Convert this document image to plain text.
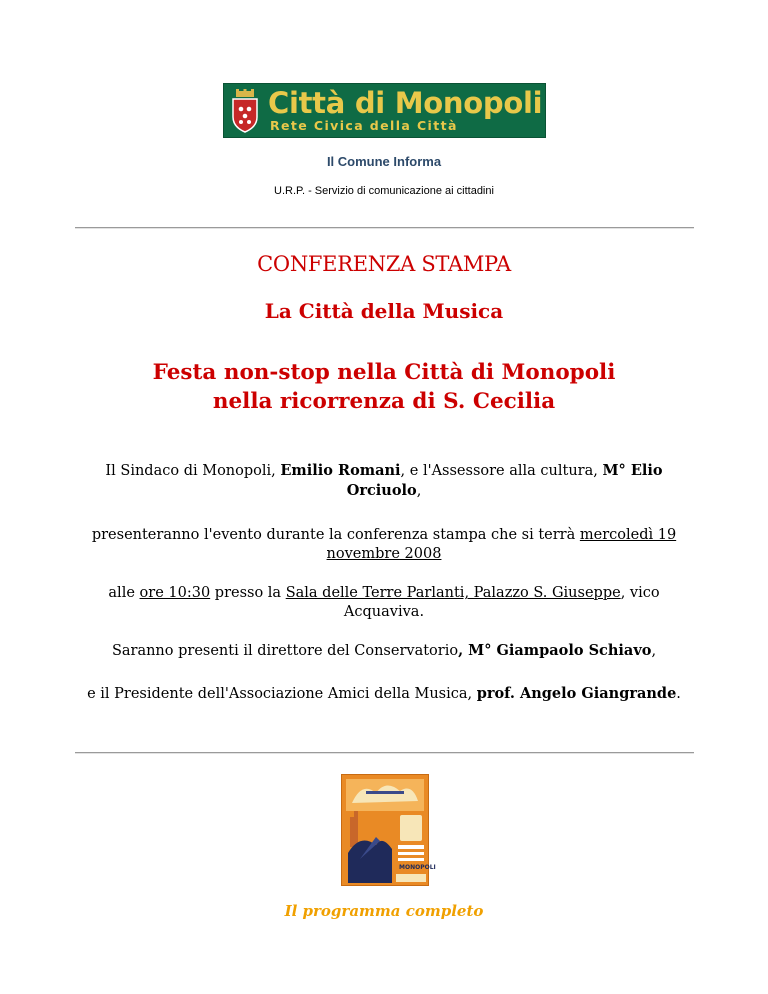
Città di Monopoli
Rete Civica della Città
Il Comune Informa
U.R.P. - Servizio di comunicazione ai cittadini
CONFERENZA STAMPA
La Città della Musica
Festa non-stop nella Città di Monopoli nella ricorrenza di S. Cecilia
Il Sindaco di Monopoli, Emilio Romani, e l'Assessore alla cultura, M° Elio Orciuolo,
presenteranno l'evento durante la conferenza stampa che si terrà mercoledì 19 novembre 2008
alle ore 10:30 presso la Sala delle Terre Parlanti, Palazzo S. Giuseppe, vico Acquaviva.
Saranno presenti il direttore del Conservatorio, M° Giampaolo Schiavo,
e il Presidente dell'Associazione Amici della Musica, prof. Angelo Giangrande.
MONOPOLI
Il programma completo
